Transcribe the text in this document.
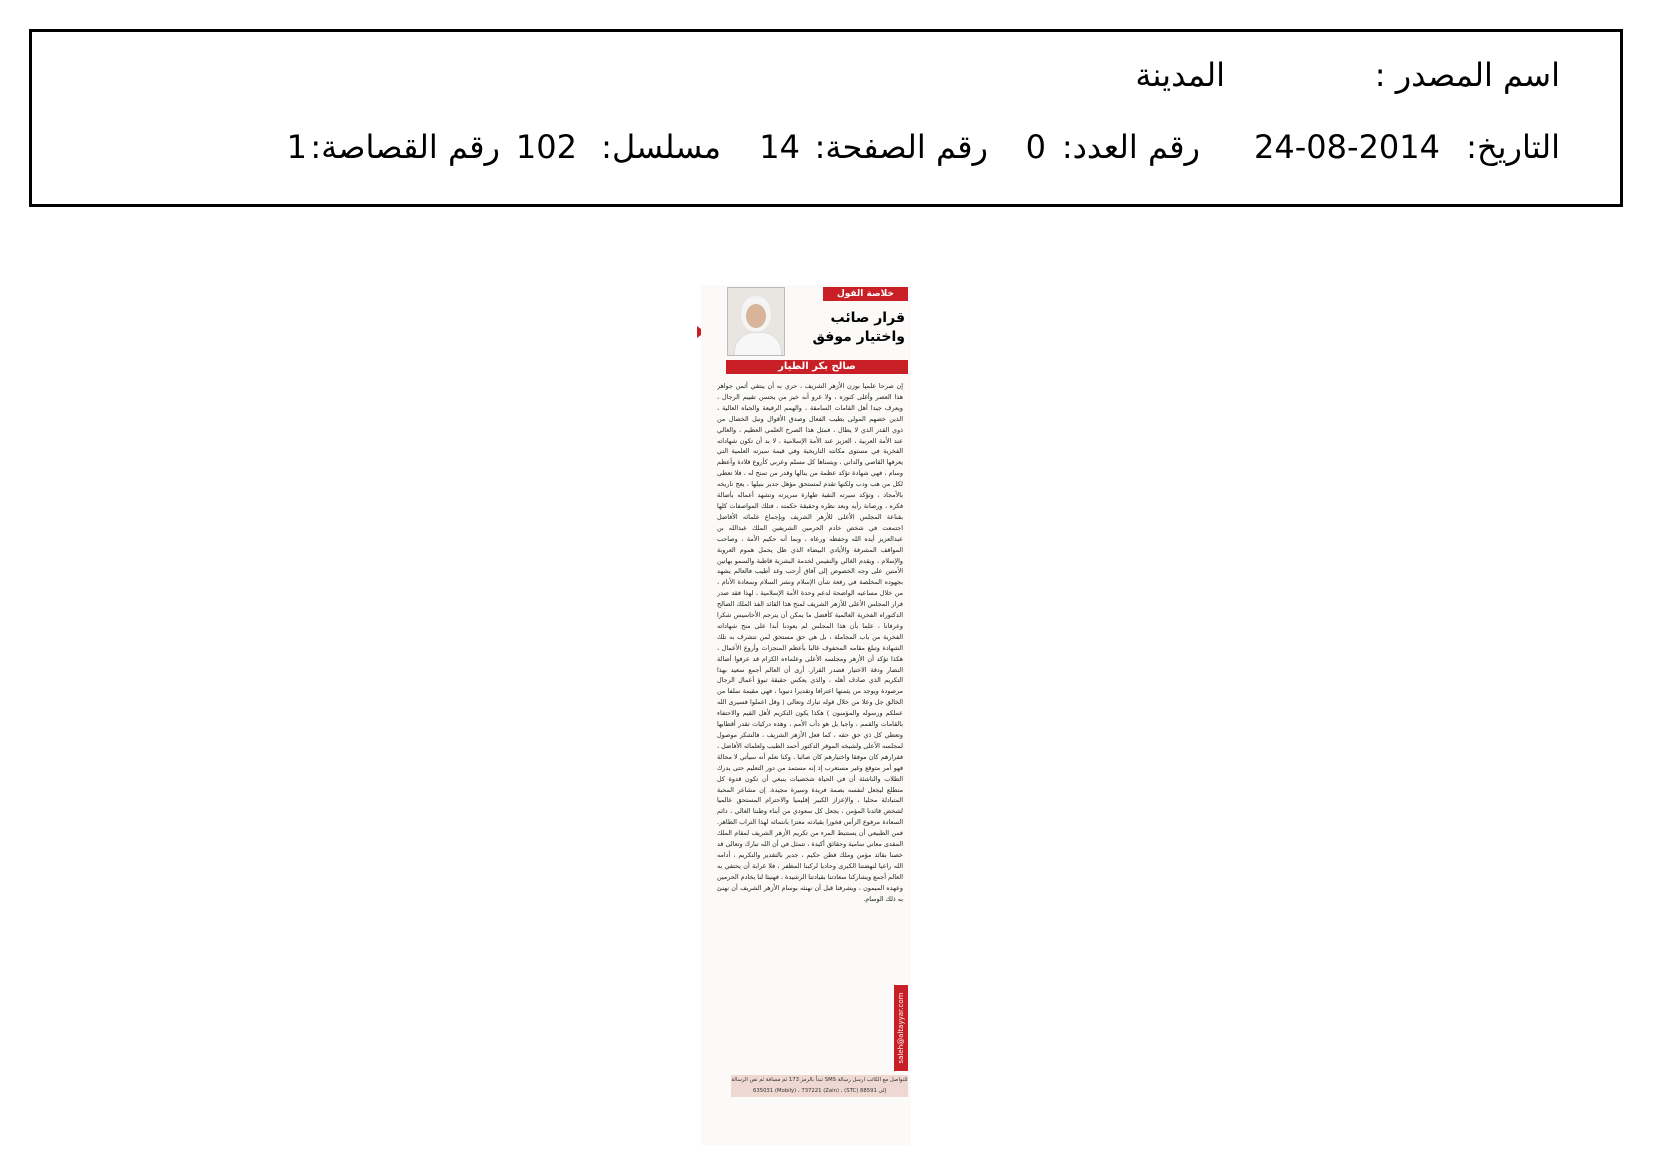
اسم المصدر :
المدينة
التاريخ:
24-08-2014
رقم العدد:
0
رقم الصفحة:
14
مسلسل:
102
رقم القصاصة:
1
خلاصة القول
قرار صائب واختيار موفق
صالح بكر الطيار
إن صرحا علميا بوزن الأزهر الشريف ، حري به أن ينتقي أثمن جواهر هذا العصر وأغلى كنوزه ، ولا غرو أنه خير من يحسن تقييم الرجال ، ويعرف جيدا أهل القامات السامقة ، والهمم الرفيعة والجباه العالية ، الذين خصهم المولى بطيب الفعال وصدق الأقوال ونبل الخصال من ذوي القدر الذي لا يطال ، فمثل هذا الصرح العلمي العظيم ، والغالي عند الأمة العربية ، العزيز عند الأمة الإسلامية ، لا بد أن تكون شهاداته الفخرية في مستوى مكانته التاريخية وفي قيمة سيرته العلمية التي يعرفها القاصي والداني ، ويتمناها كل مسلم وعربي كأروع قلادة وأعظم وسام ، فهي شهادة تؤكد عظمة من ينالها وقدر من تمنح له ، فلا تعطى لكل من هب ودب ولكنها تقدم لمستحق مؤهل جدير بنيلها ، يعج تاريخه بالأمجاد ، وتؤكد سيرته النقية طهارة سريرته وتشهد أعماله بأصالة فكره ، ورصانة رأيه وبعد نظره وحقيقة حكمته ، فتلك المواصفات كلها بقناعة المجلس الأعلى للأزهر الشريف وبإجماع علمائه الأفاضل اجتمعت في شخص خادم الحرمين الشريفين الملك عبدالله بن عبدالعزيز أيده الله وحفظه ورعاه ، وبما أنه حكيم الأمة ، وصاحب المواقف المشرفة والأيادي البيضاء الذي ظل يحمل هموم العروبة والإسلام ، ويقدم الغالي والنفيس لخدمة البشرية قاطبة والسمو بهاتين الأمتين على وجه الخصوص إلى آفاق أرحب وغد أطيب فالعالم يشهد بجهوده المخلصة في رفعة شأن الإسلام ونشر السلام وسعادة الأنام ، من خلال مساعيه الواضحة لدعم وحدة الأمة الإسلامية ، لهذا فقد صدر قرار المجلس الأعلى للأزهر الشريف لمنح هذا القائد الفذ الملك الصالح الدكتوراه الفخرية العالمية كأفضل ما يمكن أن يترجم الأحاسيس شكرا وعرفانا ، علما بأن هذا المجلس لم يعودنا أبدا على منح شهاداته الفخرية من باب المجاملة ، بل هي حق مستحق لمن تتشرف به تلك الشهادة وتبلغ مقامه المحفوف غالبا بأعظم المنجزات وأروع الأعمال ، هكذا تؤكد أن الأزهر ومجلسه الأعلى وعلماءه الكرام قد عرفوا أصالة النضار ودقة الاختيار فصدر القرار. أرى أن العالم أجمع سعيد بهذا التكريم الذي صادف أهله ، والذي يعكس حقيقة تبوؤ أعمال الرجال مرصودة ويوجد من يثمنها اعترافا وتقديرا دنيويا ، فهي مقيمة سلفا من الخالق جل وعلا من خلال قوله تبارك وتعالى ( وقل اعملوا فسيرى الله عملكم ورسوله والمؤمنون ) هكذا يكون التكريم لأهل القيم والاحتفاء بالقامات والقمم ، واجبا بل هو دأب الأمم ، وهذه دركيات تقدر أقطابها وتعطي كل ذي حق حقه ، كما فعل الأزهر الشريف ، فالشكر موصول لمجلسه الأعلى ولشيخه الموقر الدكتور أحمد الطيب ولعلمائه الأفاضل ، فقرارهم كان موفقا واختيارهم كان صائبا ، وكنا نعلم أنه سيأتي لا محالة فهو أمر متوقع وغير مستغرب إذ إنه مستمد من دور التعليم حتى يدرك الطلاب والناشئة أن في الحياة شخصيات ينبغي أن تكون قدوة كل متطلع ليجعل لنفسه بصمة فريدة وسيرة مجيدة. إن مشاعر المحبة المتبادلة محليا ، والإعزاز الكبير إقليميا والاحترام المستحق عالميا لشخص قائدنا المؤمن ، يجعل كل سعودي من أبناء وطننا الغالي ، دائم السعادة مرفوع الرأس فخورا بقيادته معتزا بانتمائه لهذا التراب الطاهر. فمن الطبيعي أن يستنبط المرء من تكريم الأزهر الشريف لمقام الملك المفدى معاني سامية وحقائق أكيدة ، تتمثل في أن الله تبارك وتعالى قد خصنا بقائد مؤمن وملك فطن حكيم ، جدير بالتقدير والتكريم ، أدامه الله راعيا لنهضتنا الكبرى وحاديا لركبنا المظفر ، فلا غرابة أن يحتفي به العالم أجمع ويشاركنا سعادتنا بقيادتنا الرشيدة ، فهنيئا لنا بخادم الحرمين وعهده الميمون ، ويشرفنا قبل أن نهنئه بوسام الأزهر الشريف أن نهنئ به ذلك الوسام.
saleh@altayyar.com
للتواصل مع الكاتب ارسل رسالة SMS تبدأ بالرمز 173 ثم مسافة ثم نص الرسالة إلى 88591 (STC) ، 635031 (Mobily) ، 737221 (Zain)
